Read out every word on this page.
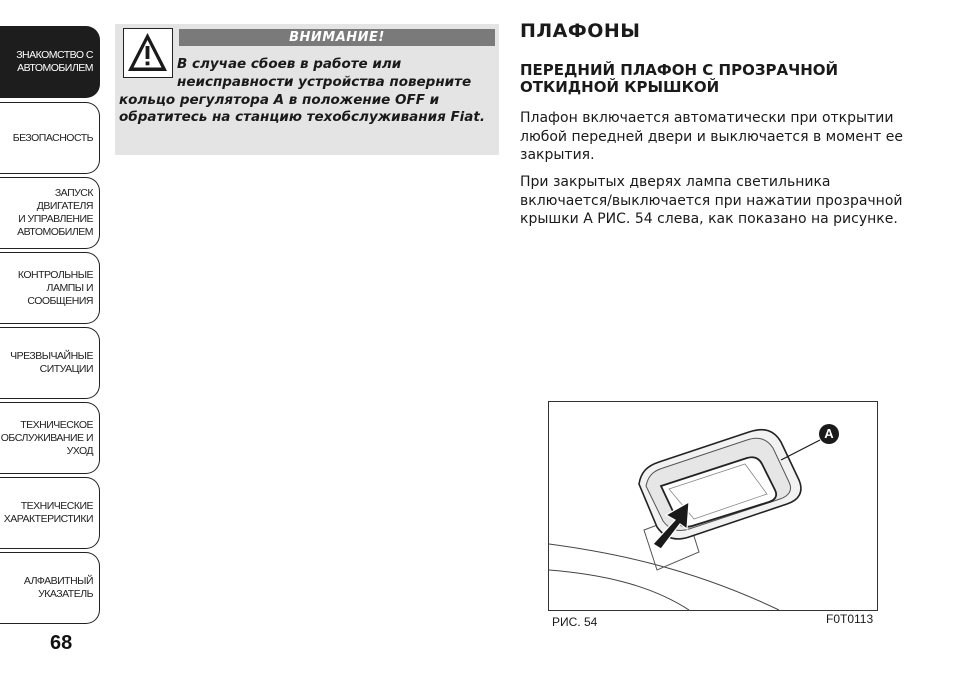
ЗНАКОМСТВО С
АВТОМОБИЛЕМ
БЕЗОПАСНОСТЬ
ЗАПУСК ДВИГАТЕЛЯ
И УПРАВЛЕНИЕ
АВТОМОБИЛЕМ
КОНТРОЛЬНЫЕ
ЛАМПЫ И
СООБЩЕНИЯ
ЧРЕЗВЫЧАЙНЫЕ
СИТУАЦИИ
ТЕХНИЧЕСКОЕ
ОБСЛУЖИВАНИЕ И
УХОД
ТЕХНИЧЕСКИЕ
ХАРАКТЕРИСТИКИ
АЛФАВИТНЫЙ
УКАЗАТЕЛЬ
68
ВНИМАНИЕ!
В случае сбоев в работе или неисправности устройства поверните кольцо регулятора A в положение OFF и обратитесь на станцию техобслуживания Fiat.
ПЛАФОНЫ
ПЕРЕДНИЙ ПЛАФОН С ПРОЗРАЧНОЙ ОТКИДНОЙ КРЫШКОЙ
Плафон включается автоматически при открытии любой передней двери и выключается в момент ее закрытия.
При закрытых дверях лампа светильника включается/выключается при нажатии прозрачной крышки A РИС. 54 слева, как показано на рисунке.
A
РИС. 54	F0T0113
